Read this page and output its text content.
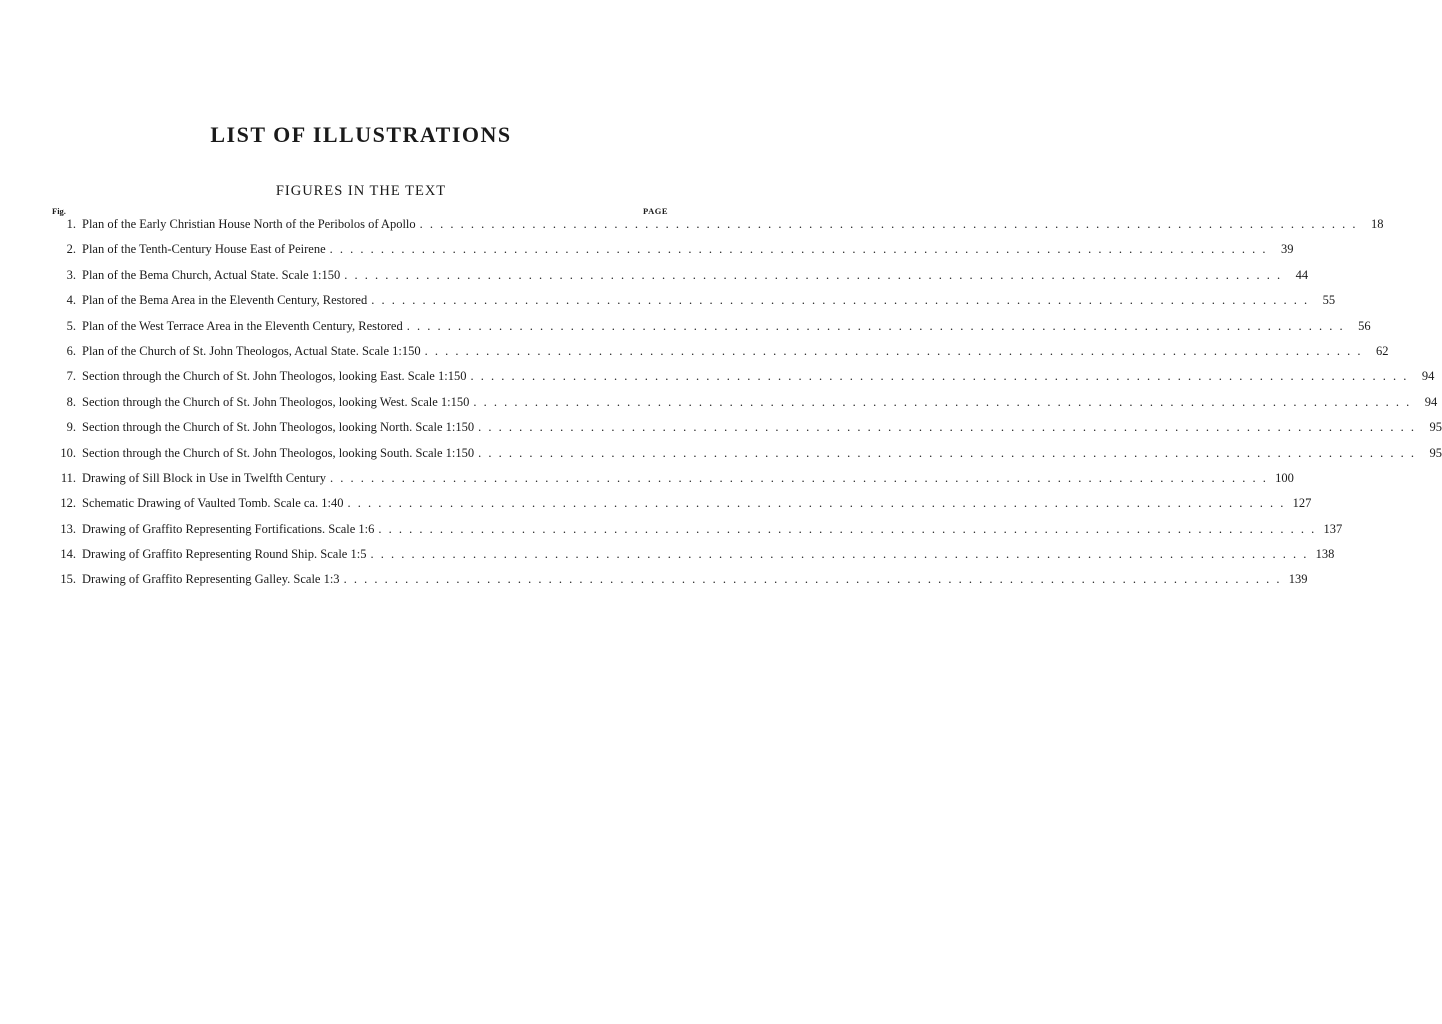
LIST OF ILLUSTRATIONS
FIGURES IN THE TEXT
Fig.	PAGE
1. Plan of the Early Christian House North of the Peribolos of Apollo . . .	18
2. Plan of the Tenth-Century House East of Peirene . . .	39
3. Plan of the Bema Church, Actual State. Scale 1:150 . . .	44
4. Plan of the Bema Area in the Eleventh Century, Restored . . .	55
5. Plan of the West Terrace Area in the Eleventh Century, Restored . . .	56
6. Plan of the Church of St. John Theologos, Actual State. Scale 1:150 . . .	62
7. Section through the Church of St. John Theologos, looking East. Scale 1:150 . . .	94
8. Section through the Church of St. John Theologos, looking West. Scale 1:150 . . .	94
9. Section through the Church of St. John Theologos, looking North. Scale 1:150 . . .	95
10. Section through the Church of St. John Theologos, looking South. Scale 1:150 . . .	95
11. Drawing of Sill Block in Use in Twelfth Century . . .	100
12. Schematic Drawing of Vaulted Tomb. Scale ca. 1:40 . . .	127
13. Drawing of Graffito Representing Fortifications. Scale 1:6 . . .	137
14. Drawing of Graffito Representing Round Ship. Scale 1:5 . . .	138
15. Drawing of Graffito Representing Galley. Scale 1:3 . . .	139
